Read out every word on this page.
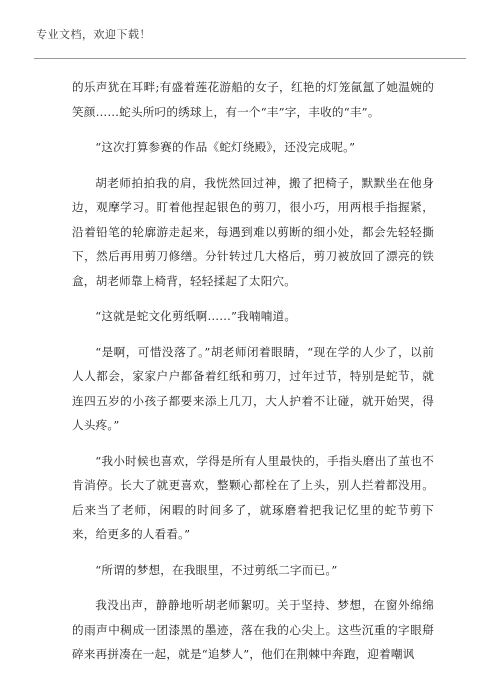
专业文档，欢迎下载！

的乐声犹在耳畔;有盛着莲花游船的女子，红艳的灯笼氤氲了她温婉的笑颜……蛇头所叼的绣球上，有一个“丰”字，丰收的“丰”。

“这次打算参赛的作品《蛇灯绕殿》，还没完成呢。”

胡老师拍拍我的肩，我恍然回过神，搬了把椅子，默默坐在他身边，观摩学习。盯着他捏起银色的剪刀，很小巧，用两根手指握紧，沿着铅笔的轮廓游走起来，每遇到难以剪断的细小处，都会先轻轻撕下，然后再用剪刀修缮。分针转过几大格后，剪刀被放回了漂亮的铁盒，胡老师靠上椅背，轻轻揉起了太阳穴。

“这就是蛇文化剪纸啊……”我喃喃道。

“是啊，可惜没落了。”胡老师闭着眼睛，“现在学的人少了，以前人人都会，家家户户都备着红纸和剪刀，过年过节，特别是蛇节，就连四五岁的小孩子都要来添上几刀，大人护着不让碰，就开始哭，得人头疼。”

“我小时候也喜欢，学得是所有人里最快的，手指头磨出了茧也不肯消停。长大了就更喜欢，整颗心都栓在了上头，别人拦着都没用。后来当了老师，闲暇的时间多了，就琢磨着把我记忆里的蛇节剪下来，给更多的人看看。”

“所谓的梦想，在我眼里，不过剪纸二字而已。”

我没出声，静静地听胡老师絮叨。关于坚持、梦想，在窗外绵绵的雨声中稠成一团漆黑的墨迹，落在我的心尖上。这些沉重的字眼搿碎来再拼凑在一起，就是“追梦人”，他们在荆棘中奔跑，迎着嘲讽
